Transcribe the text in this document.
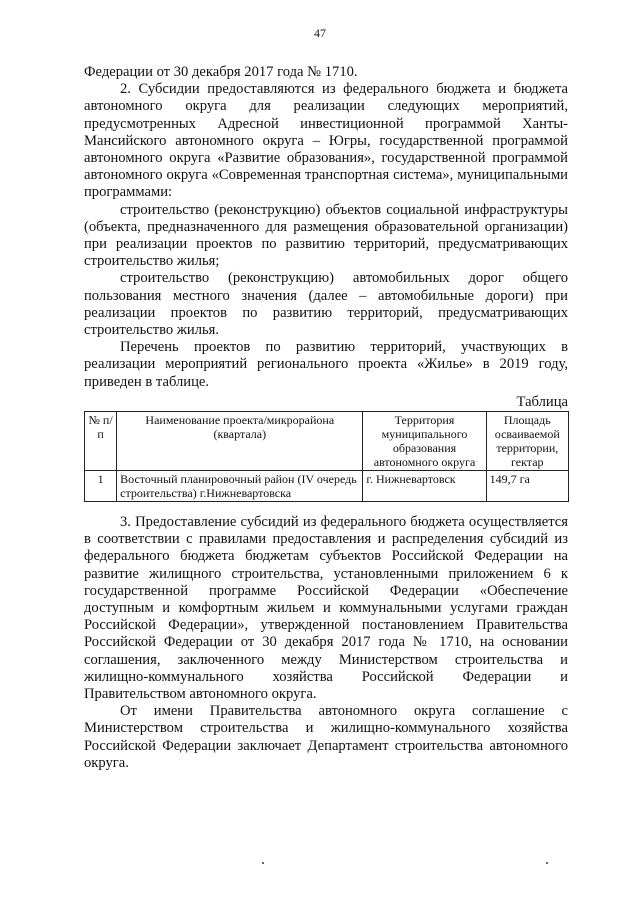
47

Федерации от 30 декабря 2017 года № 1710.

2. Субсидии предоставляются из федерального бюджета и бюджета автономного округа для реализации следующих мероприятий, предусмотренных Адресной инвестиционной программой Ханты-Мансийского автономного округа – Югры, государственной программой автономного округа «Развитие образования», государственной программой автономного округа «Современная транспортная система», муниципальными программами:

строительство (реконструкцию) объектов социальной инфраструктуры (объекта, предназначенного для размещения образовательной организации) при реализации проектов по развитию территорий, предусматривающих строительство жилья;

строительство (реконструкцию) автомобильных дорог общего пользования местного значения (далее – автомобильные дороги) при реализации проектов по развитию территорий, предусматривающих строительство жилья.

Перечень проектов по развитию территорий, участвующих в реализации мероприятий регионального проекта «Жилье» в 2019 году, приведен в таблице.

Таблица
№ п/п	Наименование проекта/микрорайона (квартала)	Территория муниципального образования автономного округа	Площадь осваиваемой территории, гектар
1	Восточный планировочный район (IV очередь строительства) г.Нижневартовска	г. Нижневартовск	149,7 га

3. Предоставление субсидий из федерального бюджета осуществляется в соответствии с правилами предоставления и распределения субсидий из федерального бюджета бюджетам субъектов Российской Федерации на развитие жилищного строительства, установленными приложением 6 к государственной программе Российской Федерации «Обеспечение доступным и комфортным жильем и коммунальными услугами граждан Российской Федерации», утвержденной постановлением Правительства Российской Федерации от 30 декабря 2017 года № 1710, на основании соглашения, заключенного между Министерством строительства и жилищно-коммунального хозяйства Российской Федерации и Правительством автономного округа.

От имени Правительства автономного округа соглашение с Министерством строительства и жилищно-коммунального хозяйства Российской Федерации заключает Департамент строительства автономного округа.
